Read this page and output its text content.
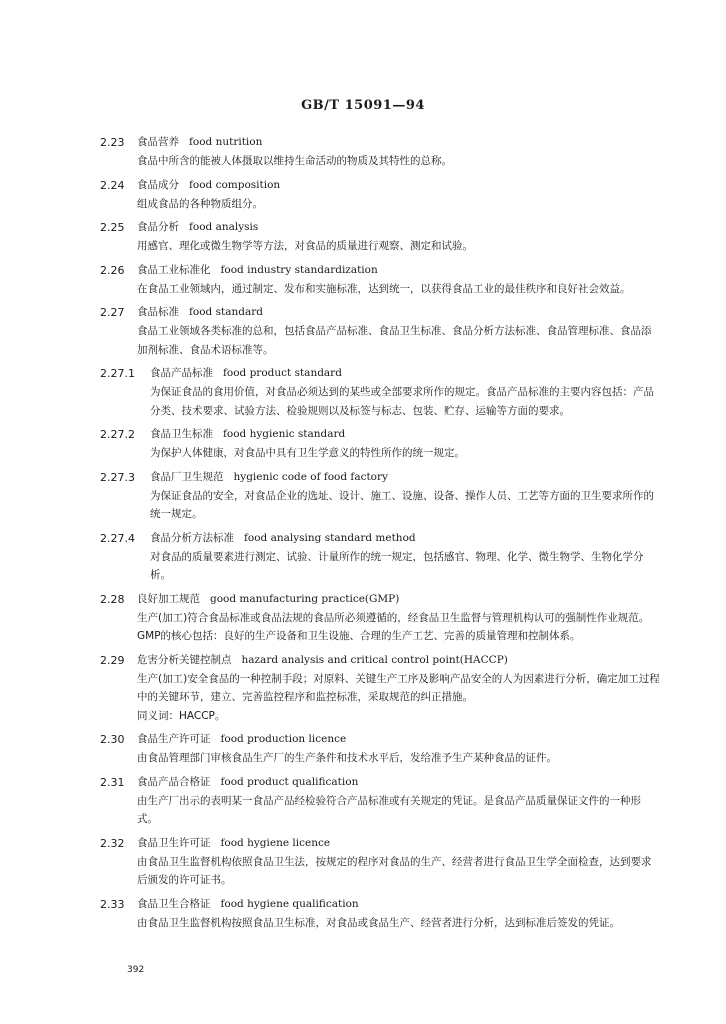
GB/T 15091—94
2.23 食品营养 food nutrition
食品中所含的能被人体摄取以维持生命活动的物质及其特性的总称。
2.24 食品成分 food composition
组成食品的各种物质组分。
2.25 食品分析 food analysis
用感官、理化或微生物学等方法，对食品的质量进行观察、测定和试验。
2.26 食品工业标准化 food industry standardization
在食品工业领域内，通过制定、发布和实施标准，达到统一，以获得食品工业的最佳秩序和良好社会效益。
2.27 食品标准 food standard
食品工业领域各类标准的总和，包括食品产品标准、食品卫生标准、食品分析方法标准、食品管理标准、食品添加剂标准、食品术语标准等。
2.27.1 食品产品标准 food product standard
为保证食品的食用价值，对食品必须达到的某些或全部要求所作的规定。食品产品标准的主要内容包括：产品分类、技术要求、试验方法、检验规则以及标签与标志、包装、贮存、运输等方面的要求。
2.27.2 食品卫生标准 food hygienic standard
为保护人体健康，对食品中具有卫生学意义的特性所作的统一规定。
2.27.3 食品厂卫生规范 hygienic code of food factory
为保证食品的安全，对食品企业的选址、设计、施工、设施、设备、操作人员、工艺等方面的卫生要求所作的统一规定。
2.27.4 食品分析方法标准 food analysing standard method
对食品的质量要素进行测定、试验、计量所作的统一规定，包括感官、物理、化学、微生物学、生物化学分析。
2.28 良好加工规范 good manufacturing practice(GMP)
生产(加工)符合食品标准或食品法规的食品所必须遵循的，经食品卫生监督与管理机构认可的强制性作业规范。GMP的核心包括：良好的生产设备和卫生设施、合理的生产工艺、完善的质量管理和控制体系。
2.29 危害分析关键控制点 hazard analysis and critical control point(HACCP)
生产(加工)安全食品的一种控制手段；对原料、关键生产工序及影响产品安全的人为因素进行分析，确定加工过程中的关键环节，建立、完善监控程序和监控标准，采取规范的纠正措施。
同义词：HACCP。
2.30 食品生产许可证 food production licence
由食品管理部门审核食品生产厂的生产条件和技术水平后，发给准予生产某种食品的证件。
2.31 食品产品合格证 food product qualification
由生产厂出示的表明某一食品产品经检验符合产品标准或有关规定的凭证。是食品产品质量保证文件的一种形式。
2.32 食品卫生许可证 food hygiene licence
由食品卫生监督机构依照食品卫生法，按规定的程序对食品的生产、经营者进行食品卫生学全面检查，达到要求后颁发的许可证书。
2.33 食品卫生合格证 food hygiene qualification
由食品卫生监督机构按照食品卫生标准，对食品或食品生产、经营者进行分析，达到标准后签发的凭证。
392
